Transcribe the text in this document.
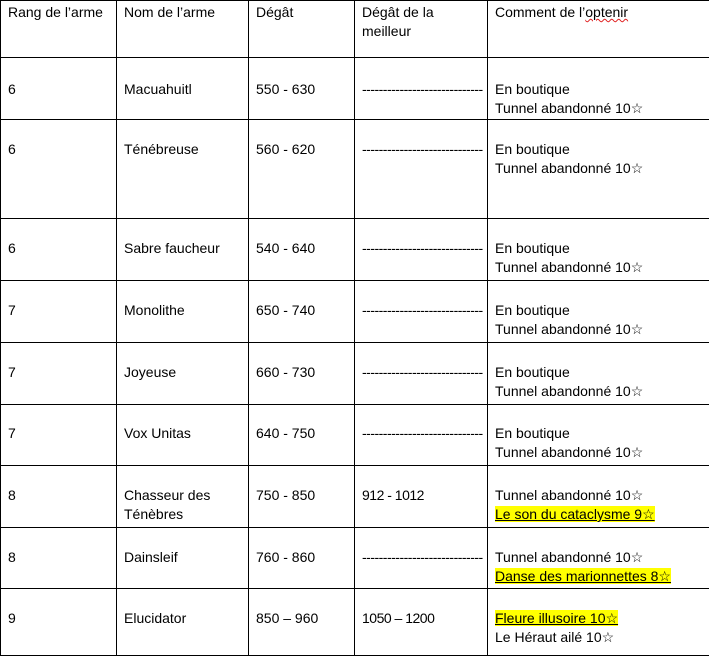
Rang de l’arme	Nom de l’arme	Dégât	Dégât de la meilleur	Comment de l’optenir
6	Macuahuitl	550 - 630	-----------------------------	En boutique
Tunnel abandonné 10☆

6	Ténébreuse	560 - 620	-----------------------------	En boutique
Tunnel abandonné 10☆

6	Sabre faucheur	540 - 640	-----------------------------	En boutique
Tunnel abandonné 10☆

7	Monolithe	650 - 740	-----------------------------	En boutique
Tunnel abandonné 10☆

7	Joyeuse	660 - 730	-----------------------------	En boutique
Tunnel abandonné 10☆

7	Vox Unitas	640 - 750	-----------------------------	En boutique
Tunnel abandonné 10☆

8	Chasseur des Ténèbres	750 - 850	912 - 1012	Tunnel abandonné 10☆
Le son du cataclysme 9☆

8	Dainsleif	760 - 860	-----------------------------	Tunnel abandonné 10☆
Danse des marionnettes 8☆

9	Elucidator	850 – 960	1050 – 1200	Fleure illusoire 10☆
Le Héraut ailé 10☆
